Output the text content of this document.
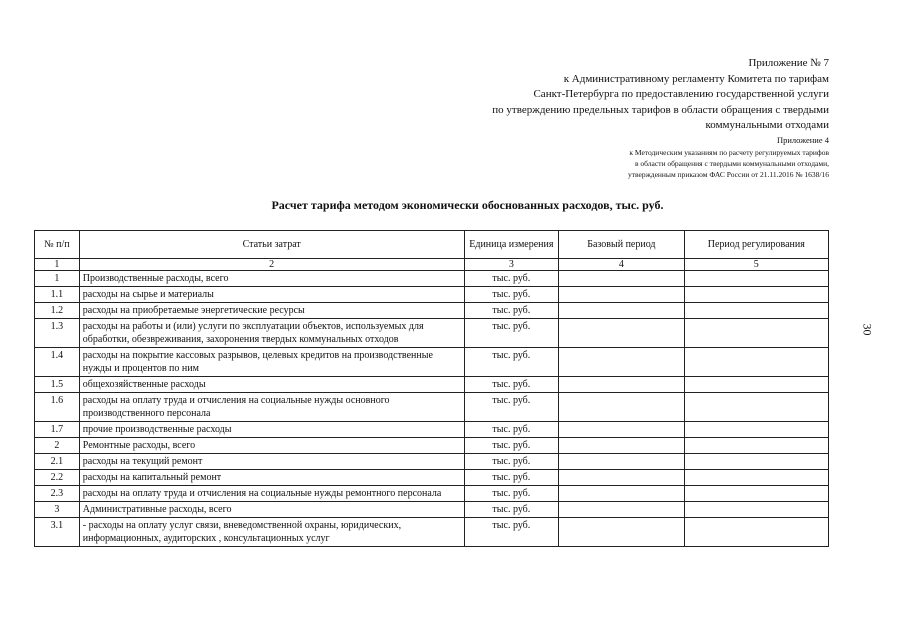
Приложение № 7
к Административному регламенту Комитета по тарифам
Санкт-Петербурга по предоставлению государственной услуги
по утверждению предельных тарифов в области обращения с твердыми
коммунальными отходами
Приложение 4
к Методическим указаниям по расчету регулируемых тарифов
в области обращения с твердыми коммунальными отходами,
утвержденным приказом ФАС России от 21.11.2016 № 1638/16
Расчет тарифа методом экономически обоснованных расходов, тыс. руб.
30
№ п/п	Статьи затрат	Единица измерения	Базовый период	Период регулирования
1	2	3	4	5
1	Производственные расходы, всего	тыс. руб.		
1.1	расходы на сырье и материалы	тыс. руб.		
1.2	расходы на приобретаемые энергетические ресурсы	тыс. руб.		
1.3	расходы на работы и (или) услуги по эксплуатации объектов, используемых для обработки, обезвреживания, захоронения твердых коммунальных отходов	тыс. руб.		
1.4	расходы на покрытие кассовых разрывов, целевых кредитов на производственные нужды и процентов по ним	тыс. руб.		
1.5	общехозяйственные расходы	тыс. руб.		
1.6	расходы на оплату труда и отчисления на социальные нужды основного производственного персонала	тыс. руб.		
1.7	прочие производственные расходы	тыс. руб.		
2	Ремонтные расходы, всего	тыс. руб.		
2.1	расходы на текущий ремонт	тыс. руб.		
2.2	расходы на капитальный ремонт	тыс. руб.		
2.3	расходы на оплату труда и отчисления на социальные нужды ремонтного персонала	тыс. руб.		
3	Административные расходы, всего	тыс. руб.		
3.1	- расходы на оплату услуг связи, вневедомственной охраны, юридических, информационных, аудиторских , консультационных услуг	тыс. руб.		
